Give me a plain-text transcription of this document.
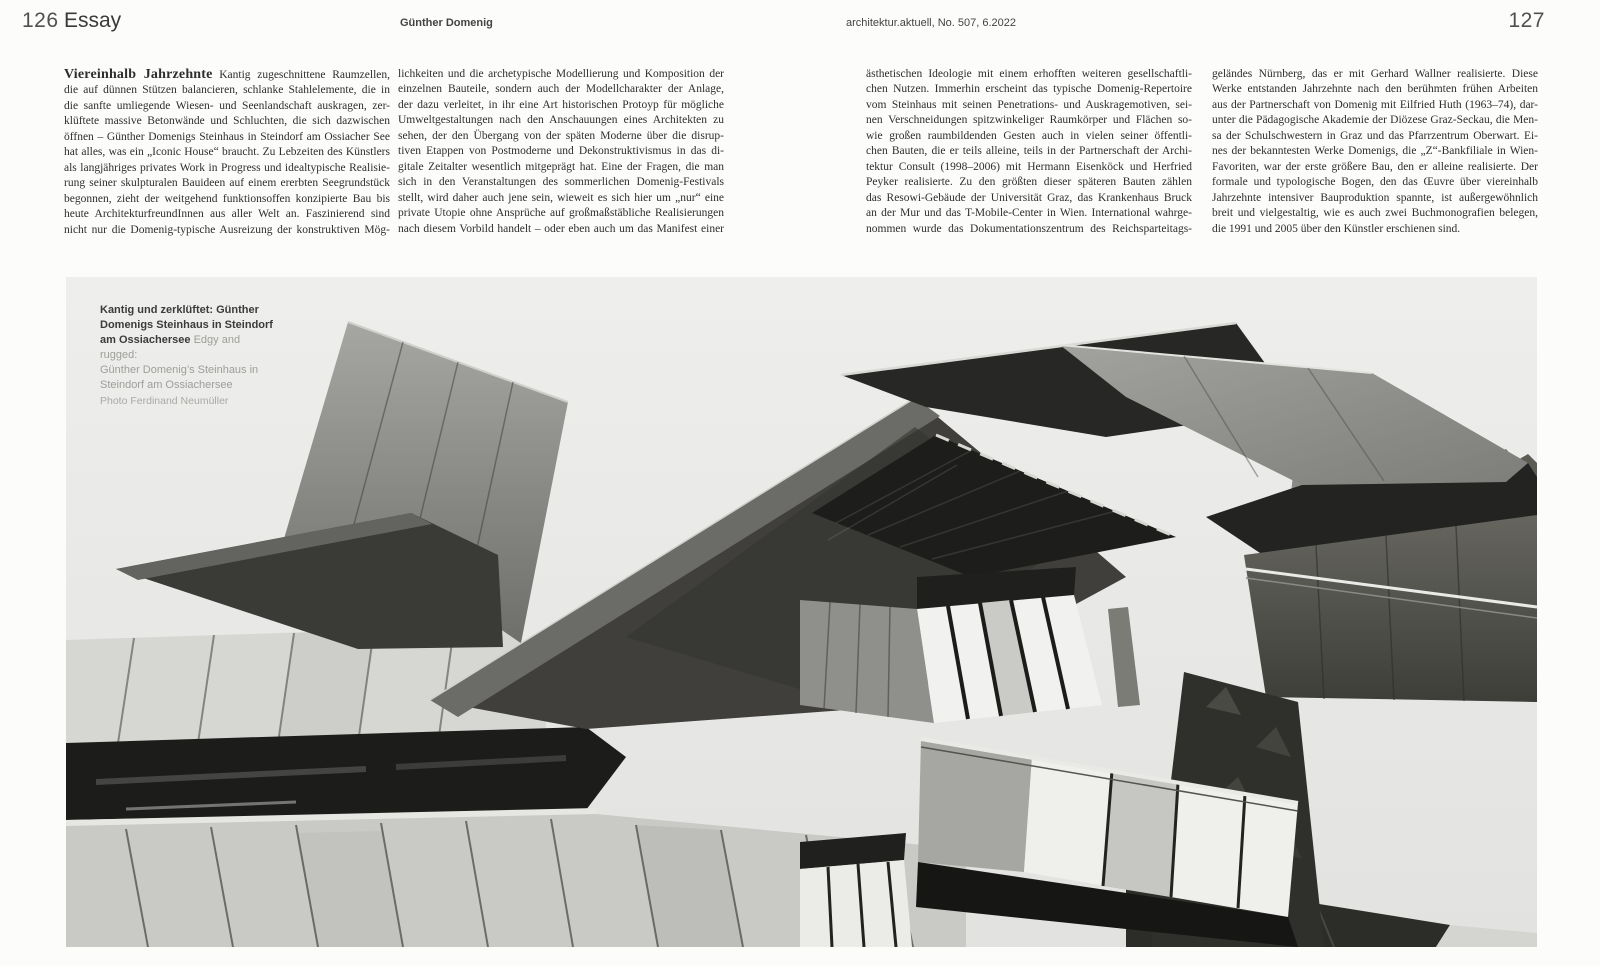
126 Essay	Günther Domenig	architektur.aktuell, No. 507, 6.2022	127
Viereinhalb Jahrzehnte Kantig zugeschnittene Raumzellen,
die auf dünnen Stützen balancieren, schlanke Stahlelemente, die in
die sanfte umliegende Wiesen- und Seenlandschaft auskragen, zer-
klüftete massive Betonwände und Schluchten, die sich dazwischen
öffnen – Günther Domenigs Steinhaus in Steindorf am Ossiacher See
hat alles, was ein „Iconic House“ braucht. Zu Lebzeiten des Künstlers
als langjähriges privates Work in Progress und idealtypische Realisie-
rung seiner skulpturalen Bauideen auf einem ererbten Seegrundstück
begonnen, zieht der weitgehend funktionsoffen konzipierte Bau bis
heute ArchitekturfreundInnen aus aller Welt an. Faszinierend sind
nicht nur die Domenig-typische Ausreizung der konstruktiven Mög-
lichkeiten und die archetypische Modellierung und Komposition der
einzelnen Bauteile, sondern auch der Modellcharakter der Anlage,
der dazu verleitet, in ihr eine Art historischen Protoyp für mögliche
Umweltgestaltungen nach den Anschauungen eines Architekten zu
sehen, der den Übergang von der späten Moderne über die disrup-
tiven Etappen von Postmoderne und Dekonstruktivismus in das di-
gitale Zeitalter wesentlich mitgeprägt hat. Eine der Fragen, die man
sich in den Veranstaltungen des sommerlichen Domenig-Festivals
stellt, wird daher auch jene sein, wieweit es sich hier um „nur“ eine
private Utopie ohne Ansprüche auf großmaßstäbliche Realisierungen
nach diesem Vorbild handelt – oder eben auch um das Manifest einer
ästhetischen Ideologie mit einem erhofften weiteren gesellschaftli-
chen Nutzen. Immerhin erscheint das typische Domenig-Repertoire
vom Steinhaus mit seinen Penetrations- und Auskragemotiven, sei-
nen Verschneidungen spitzwinkeliger Raumkörper und Flächen so-
wie großen raumbildenden Gesten auch in vielen seiner öffentli-
chen Bauten, die er teils alleine, teils in der Partnerschaft der Archi-
tektur Consult (1998–2006) mit Hermann Eisenköck und Herfried
Peyker realisierte. Zu den größten dieser späteren Bauten zählen
das Resowi-Gebäude der Universität Graz, das Krankenhaus Bruck
an der Mur und das T-Mobile-Center in Wien. International wahrge-
nommen wurde das Dokumentationszentrum des Reichsparteitags-
geländes Nürnberg, das er mit Gerhard Wallner realisierte. Diese
Werke entstanden Jahrzehnte nach den berühmten frühen Arbeiten
aus der Partnerschaft von Domenig mit Eilfried Huth (1963–74), dar-
unter die Pädagogische Akademie der Diözese Graz-Seckau, die Men-
sa der Schulschwestern in Graz und das Pfarrzentrum Oberwart. Ei-
nes der bekanntesten Werke Domenigs, die „Z“-Bankfiliale in Wien-
Favoriten, war der erste größere Bau, den er alleine realisierte. Der
formale und typologische Bogen, den das Œuvre über viereinhalb
Jahrzehnte intensiver Bauproduktion spannte, ist außergewöhnlich
breit und vielgestaltig, wie es auch zwei Buchmonografien belegen,
die 1991 und 2005 über den Künstler erschienen sind.
Kantig und zerklüftet: Günther
Domenigs Steinhaus in Steindorf
am Ossiachersee Edgy and rugged:
Günther Domenig’s Steinhaus in
Steindorf am Ossiachersee
Photo Ferdinand Neumüller
